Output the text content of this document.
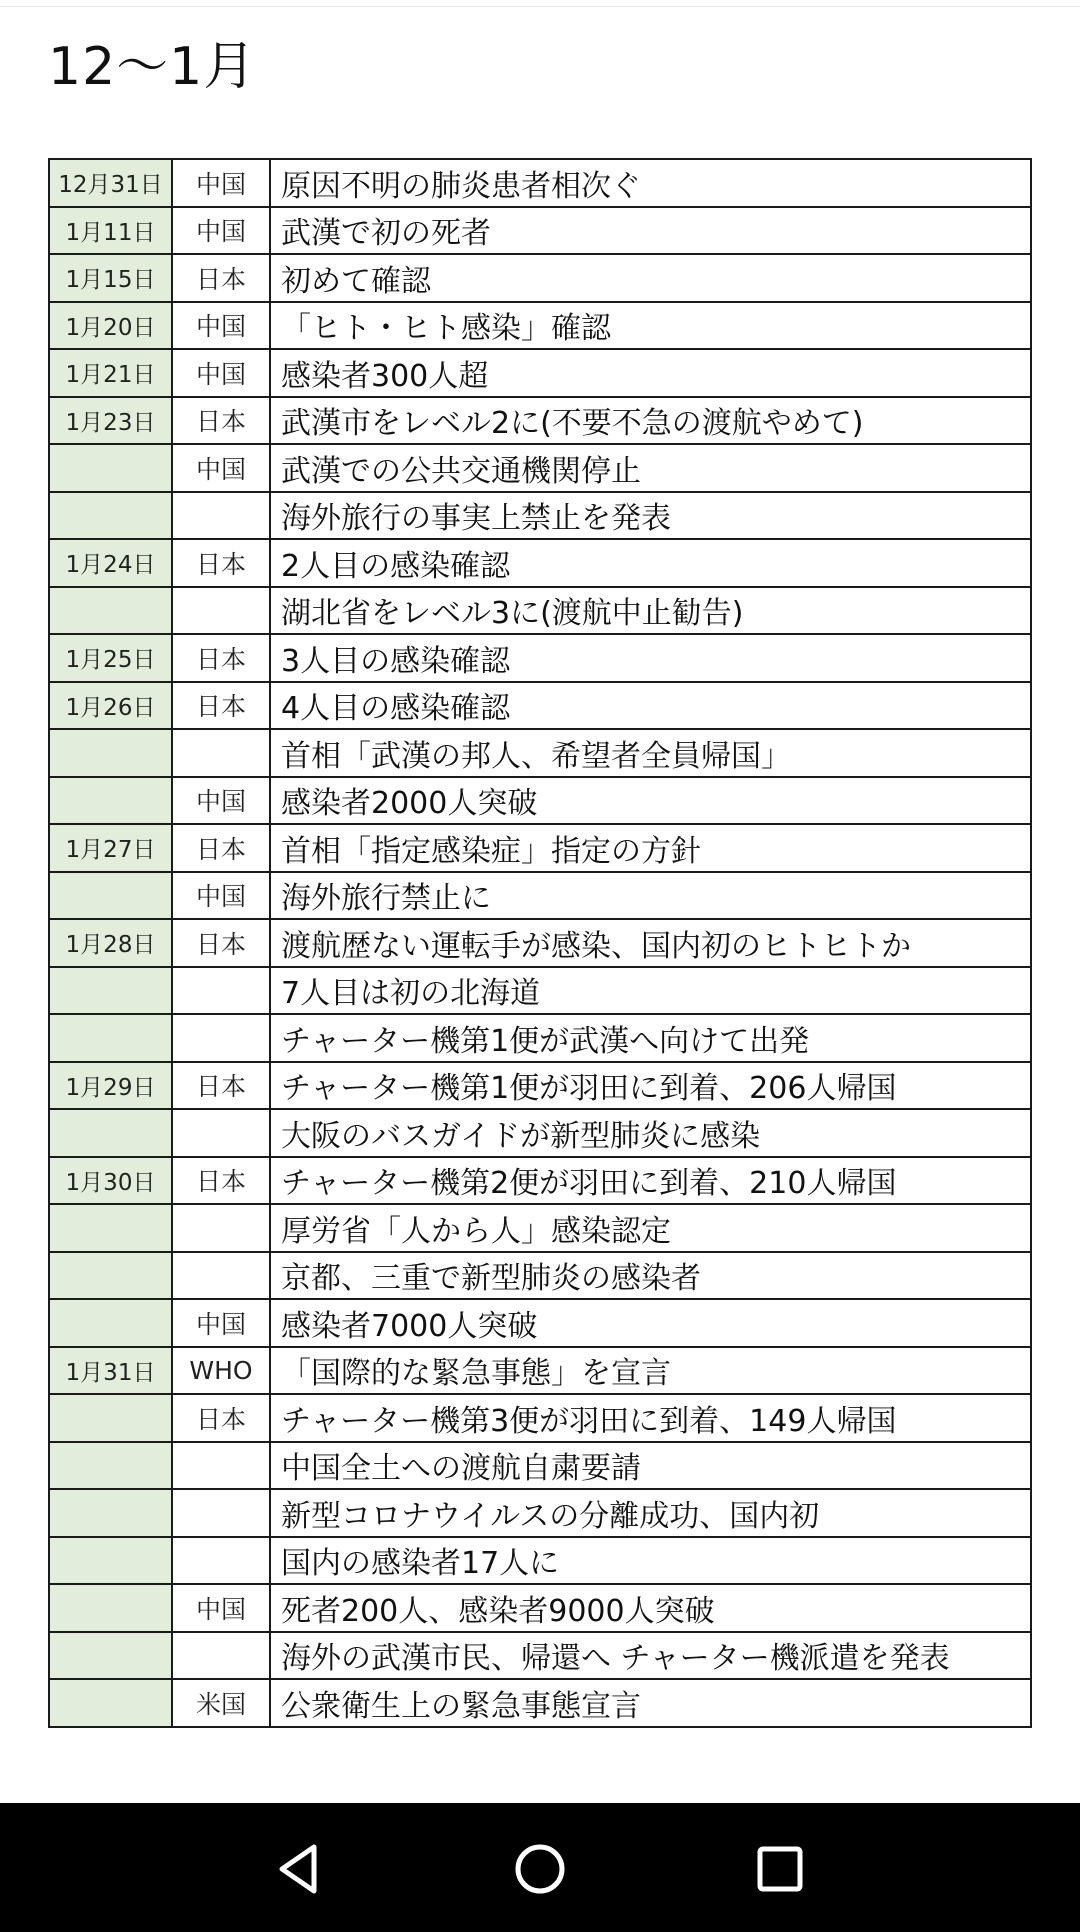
12〜1月
12月31日	中国	原因不明の肺炎患者相次ぐ
1月11日	中国	武漢で初の死者
1月15日	日本	初めて確認
1月20日	中国	「ヒト・ヒト感染」確認
1月21日	中国	感染者300人超
1月23日	日本	武漢市をレベル2に(不要不急の渡航やめて)
	中国	武漢での公共交通機関停止
		海外旅行の事実上禁止を発表
1月24日	日本	2人目の感染確認
		湖北省をレベル3に(渡航中止勧告)
1月25日	日本	3人目の感染確認
1月26日	日本	4人目の感染確認
		首相「武漢の邦人、希望者全員帰国」
	中国	感染者2000人突破
1月27日	日本	首相「指定感染症」指定の方針
	中国	海外旅行禁止に
1月28日	日本	渡航歴ない運転手が感染、国内初のヒトヒトか
		7人目は初の北海道
		チャーター機第1便が武漢へ向けて出発
1月29日	日本	チャーター機第1便が羽田に到着、206人帰国
		大阪のバスガイドが新型肺炎に感染
1月30日	日本	チャーター機第2便が羽田に到着、210人帰国
		厚労省「人から人」感染認定
		京都、三重で新型肺炎の感染者
	中国	感染者7000人突破
1月31日	WHO	「国際的な緊急事態」を宣言
	日本	チャーター機第3便が羽田に到着、149人帰国
		中国全土への渡航自粛要請
		新型コロナウイルスの分離成功、国内初
		国内の感染者17人に
	中国	死者200人、感染者9000人突破
		海外の武漢市民、帰還へ チャーター機派遣を発表
	米国	公衆衛生上の緊急事態宣言
